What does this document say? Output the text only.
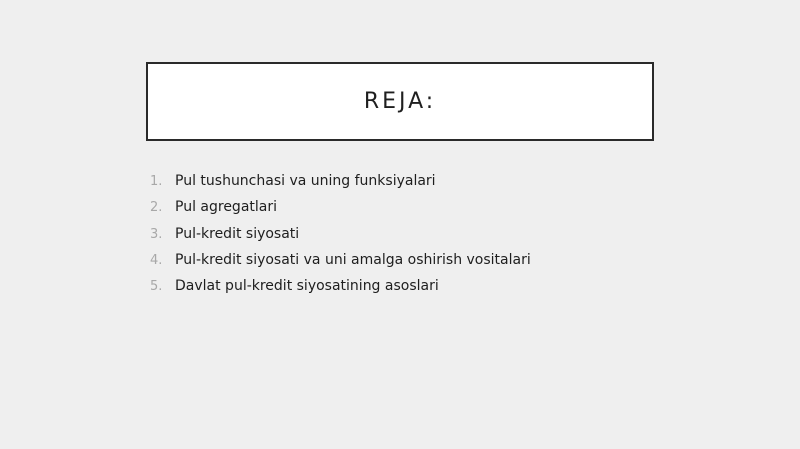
REJA:
1. Pul tushunchasi va uning funksiyalari
2. Pul agregatlari
3. Pul-kredit siyosati
4. Pul-kredit siyosati va uni amalga oshirish vositalari
5. Davlat pul-kredit siyosatining asoslari
